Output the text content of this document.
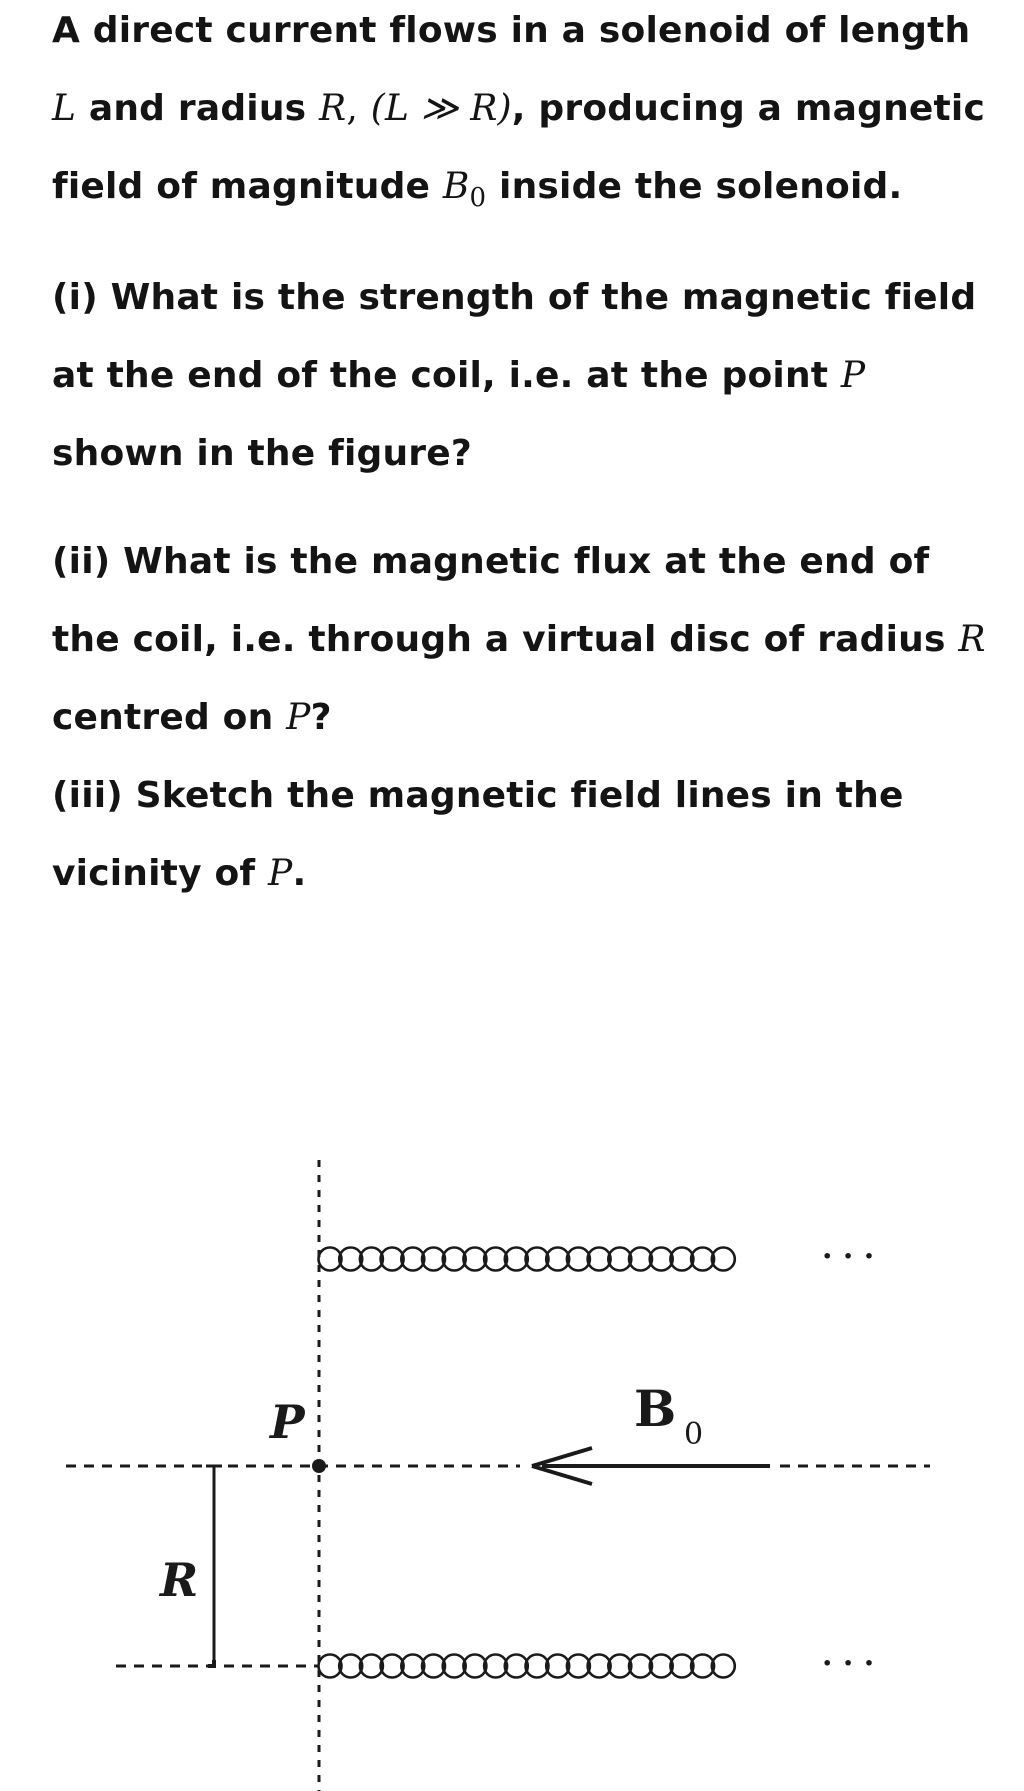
A direct current flows in a solenoid of length
L and radius R, (L ≫ R), producing a magnetic field of magnitude $B_0$ inside the solenoid.

(i) What is the strength of the magnetic field at the end of the coil, i.e. at the point P shown in the figure?

(ii) What is the magnetic flux at the end of the coil, i.e. through a virtual disc of radius R centred on P?

(iii) Sketch the magnetic field lines in the vicinity of P.

· · ·
· · ·
P	B 0
R
